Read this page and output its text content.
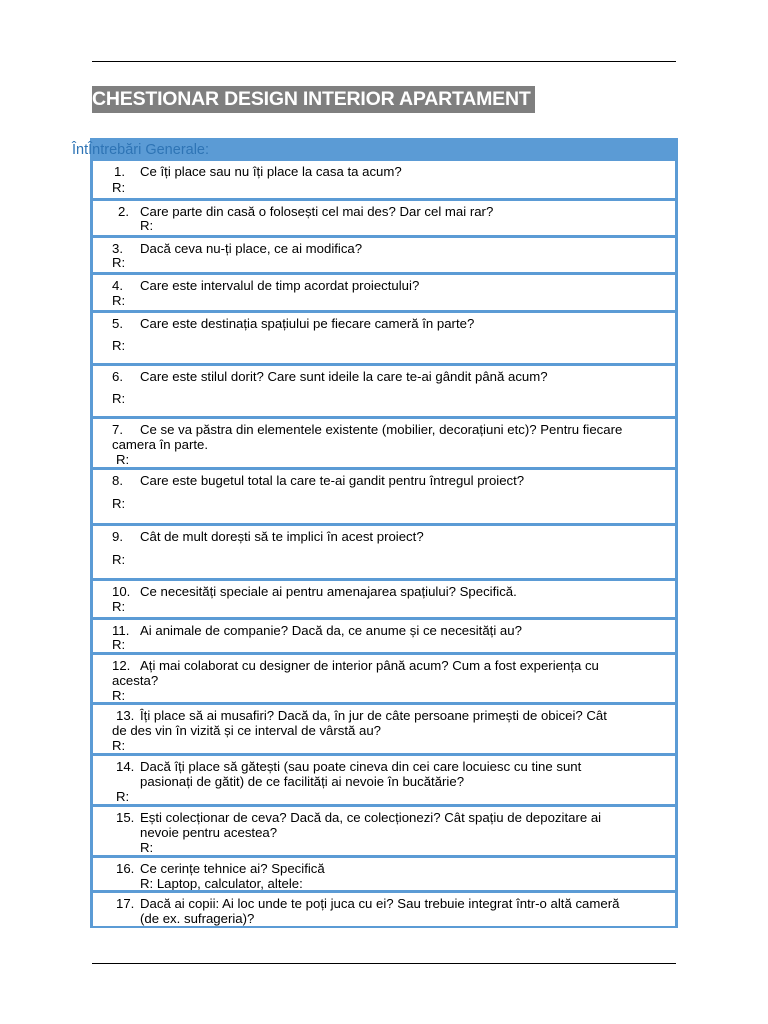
CHESTIONAR DESIGN INTERIOR APARTAMENT
1. Ce îți place sau nu îți place la casa ta acum?
R:
2. Care parte din casă o folosești cel mai des? Dar cel mai rar?
R:
3. Dacă ceva nu-ți place, ce ai modifica?
R:
4. Care este intervalul de timp acordat proiectului?
R:
5. Care este destinația spațiului pe fiecare cameră în parte?
R:
6. Care este stilul dorit? Care sunt ideile la care te-ai gândit până acum?
R:
7. Ce se va păstra din elementele existente (mobilier, decorațiuni etc)? Pentru fiecare
camera în parte.
R:
8. Care este bugetul total la care te-ai gandit pentru întregul proiect?
R:
9. Cât de mult dorești să te implici în acest proiect?
R:
10. Ce necesități speciale ai pentru amenajarea spațiului? Specifică.
R:
11. Ai animale de companie? Dacă da, ce anume și ce necesități au?
R:
12. Ați mai colaborat cu designer de interior până acum? Cum a fost experiența cu
acesta?
R:
13. Îți place să ai musafiri? Dacă da, în jur de câte persoane primești de obicei? Cât
de des vin în vizită și ce interval de vârstă au?
R:
14. Dacă îți place să gătești (sau poate cineva din cei care locuiesc cu tine sunt
pasionați de gătit) de ce facilități ai nevoie în bucătărie?
R:
15. Ești colecționar de ceva? Dacă da, ce colecționezi? Cât spațiu de depozitare ai
nevoie pentru acestea?
R:
16. Ce cerințe tehnice ai? Specifică
R: Laptop, calculator, altele:
17. Dacă ai copii: Ai loc unde te poți juca cu ei? Sau trebuie integrat într-o altă cameră
(de ex. sufrageria)?
ÎntÎntrebări Generale:
